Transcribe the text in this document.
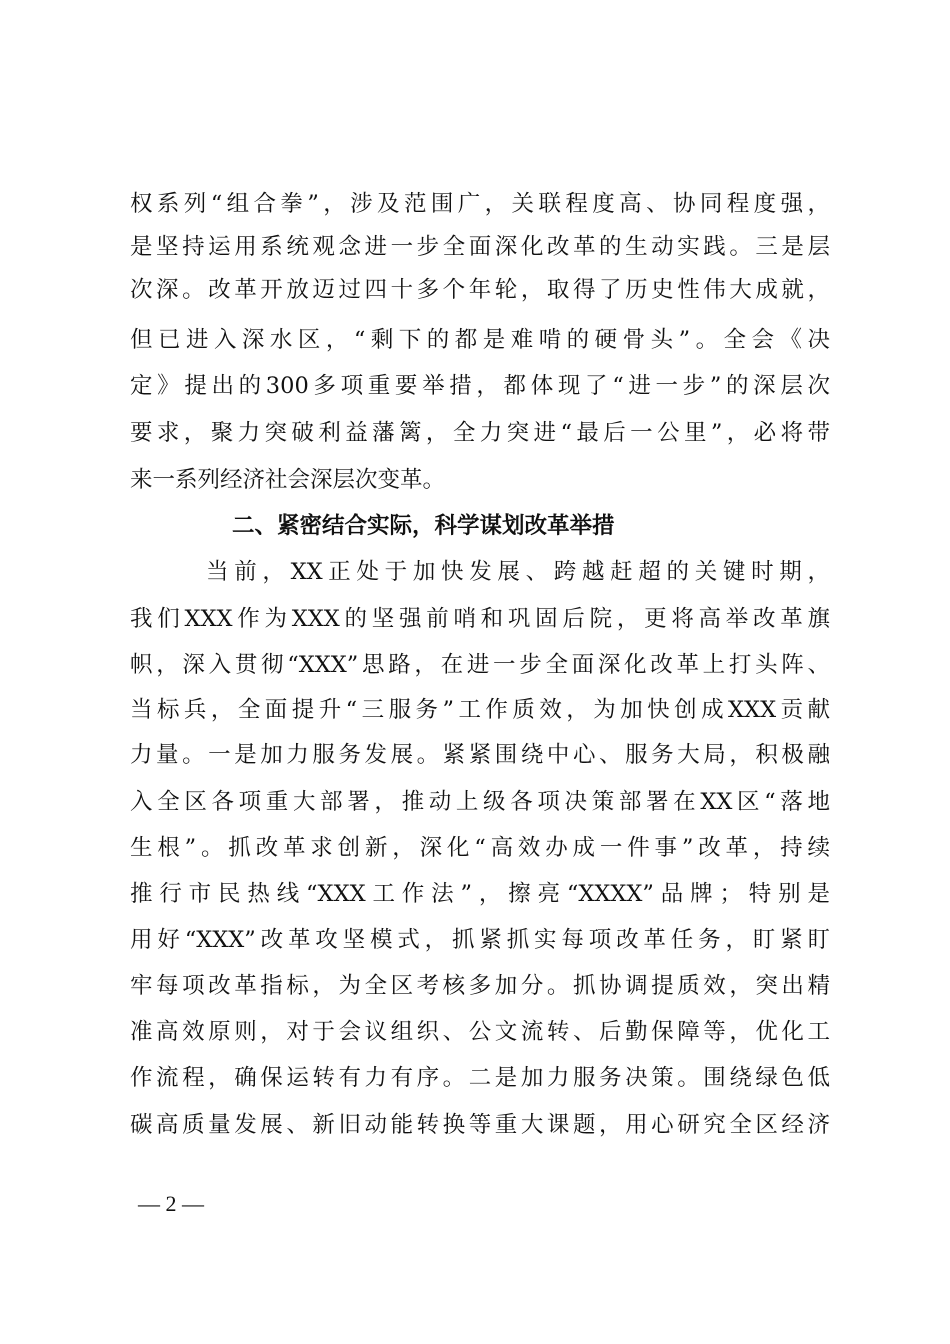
权系列“组合拳”，涉及范围广，关联程度高、协同程度强，
是坚持运用系统观念进一步全面深化改革的生动实践。三是层
次深。改革开放迈过四十多个年轮，取得了历史性伟大成就，
但已进入深水区，“剩下的都是难啃的硬骨头”。全会《决
定》提出的300多项重要举措，都体现了“进一步”的深层次
要求，聚力突破利益藩篱，全力突进“最后一公里”，必将带
来一系列经济社会深层次变革。
二、紧密结合实际，科学谋划改革举措
当前，XX正处于加快发展、跨越赶超的关键时期，
我们XXX作为XXX的坚强前哨和巩固后院，更将高举改革旗
帜，深入贯彻“XXX”思路，在进一步全面深化改革上打头阵、
当标兵，全面提升“三服务”工作质效，为加快创成XXX贡献
力量。一是加力服务发展。紧紧围绕中心、服务大局，积极融
入全区各项重大部署，推动上级各项决策部署在XX区“落地
生根”。抓改革求创新，深化“高效办成一件事”改革，持续
推行市民热线“XXX工作法”，擦亮“XXXX”品牌；特别是
用好“XXX”改革攻坚模式，抓紧抓实每项改革任务，盯紧盯
牢每项改革指标，为全区考核多加分。抓协调提质效，突出精
准高效原则，对于会议组织、公文流转、后勤保障等，优化工
作流程，确保运转有力有序。二是加力服务决策。围绕绿色低
碳高质量发展、新旧动能转换等重大课题，用心研究全区经济
— 2 —
